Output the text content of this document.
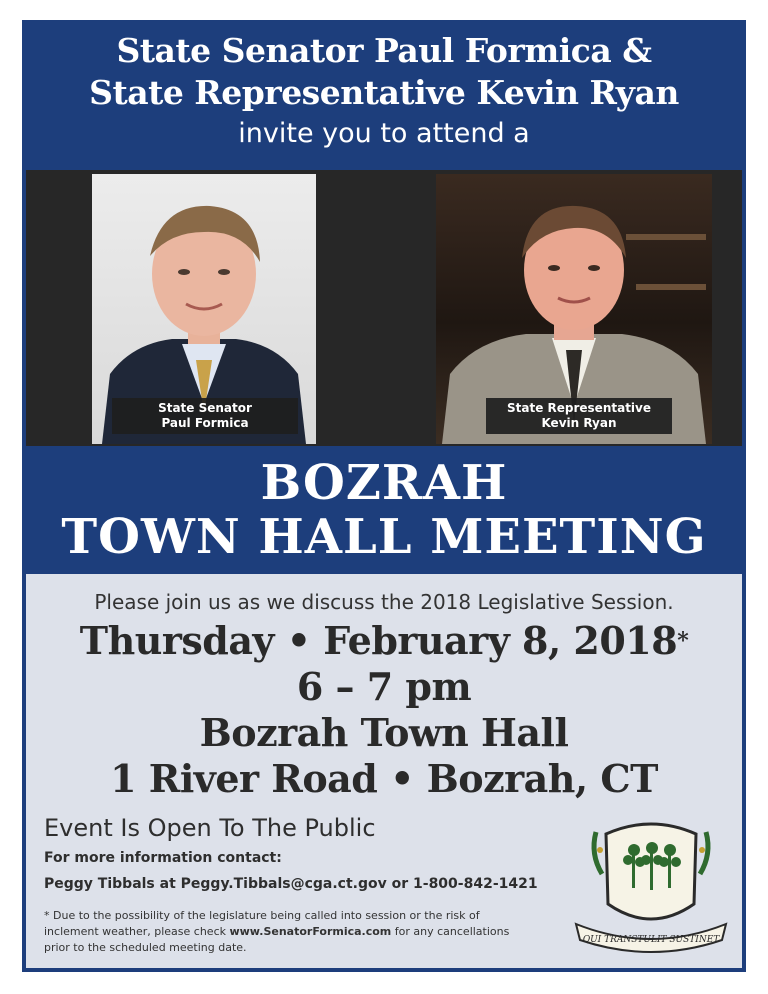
State Senator Paul Formica &
State Representative Kevin Ryan
invite you to attend a
State Senator
Paul Formica
State Representative
Kevin Ryan
BOZRAH
TOWN HALL MEETING
Please join us as we discuss the 2018 Legislative Session.
Thursday • February 8, 2018*
6 – 7 pm
Bozrah Town Hall
1 River Road • Bozrah, CT
Event Is Open To The Public
For more information contact:
Peggy Tibbals at Peggy.Tibbals@cga.ct.gov or 1-800-842-1421
* Due to the possibility of the legislature being called into session or the risk of inclement weather, please check www.SenatorFormica.com for any cancellations prior to the scheduled meeting date.
QUI TRANSTULIT SUSTINET
